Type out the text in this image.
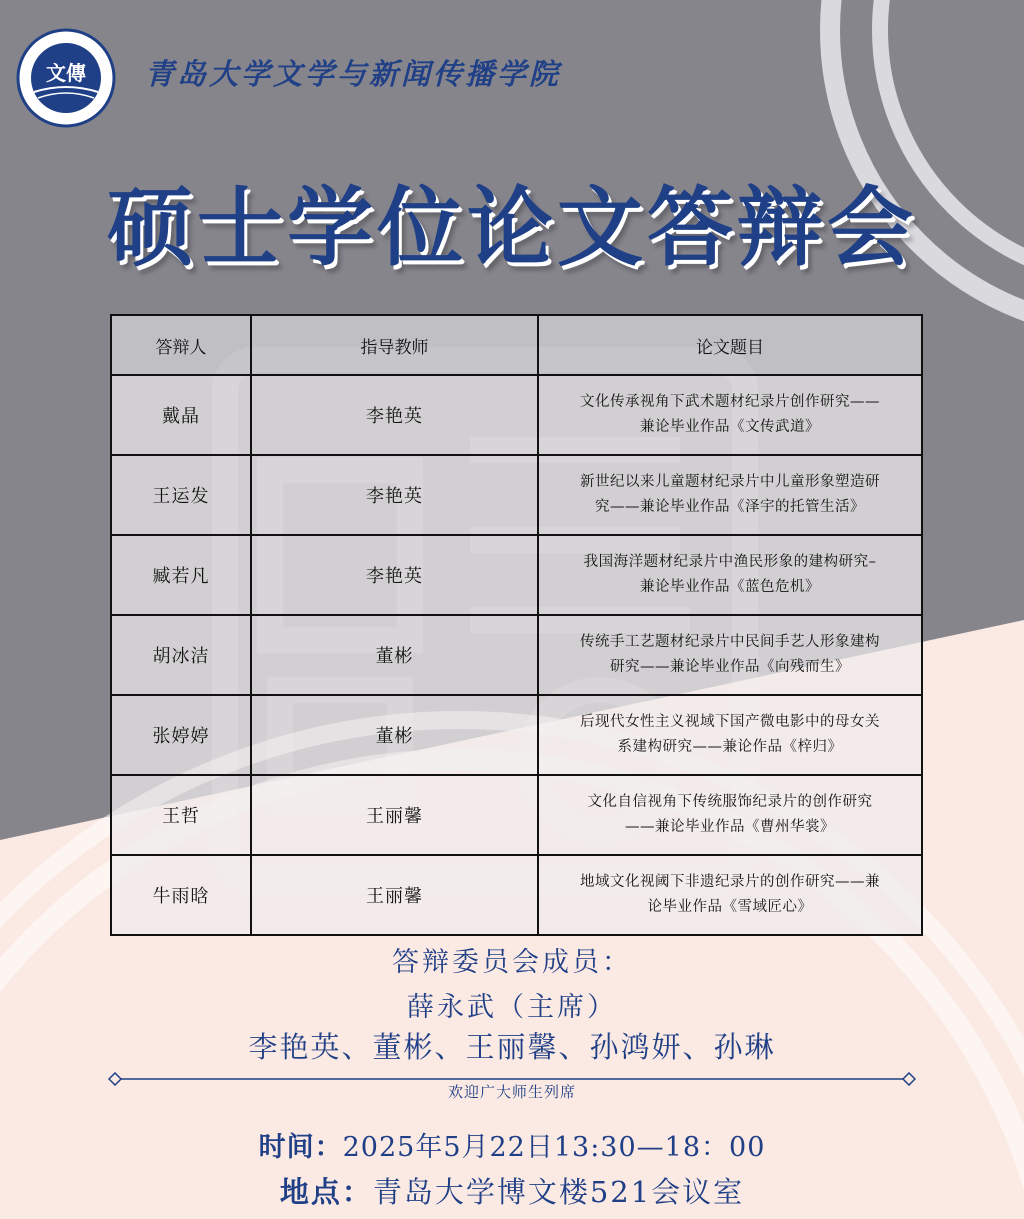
文傳 青岛大学文学与新闻传播学院
硕士学位论文答辩会
答辩人	指导教师	论文题目
戴晶	李艳英	文化传承视角下武术题材纪录片创作研究——
兼论毕业作品《文传武道》
王运发	李艳英	新世纪以来儿童题材纪录片中儿童形象塑造研
究——兼论毕业作品《泽宇的托管生活》
臧若凡	李艳英	我国海洋题材纪录片中渔民形象的建构研究–
兼论毕业作品《蓝色危机》
胡冰洁	董彬	传统手工艺题材纪录片中民间手艺人形象建构
研究——兼论毕业作品《向残而生》
张婷婷	董彬	后现代女性主义视域下国产微电影中的母女关
系建构研究——兼论作品《梓归》
王哲	王丽馨	文化自信视角下传统服饰纪录片的创作研究
——兼论毕业作品《曹州华裳》
牛雨晗	王丽馨	地域文化视阈下非遗纪录片的创作研究——兼
论毕业作品《雪域匠心》
答辩委员会成员：
薛永武（主席）
李艳英、董彬、王丽馨、孙鸿妍、孙琳
欢迎广大师生列席
时间：2025年5月22日13:30—18：00
地点：青岛大学博文楼521会议室
